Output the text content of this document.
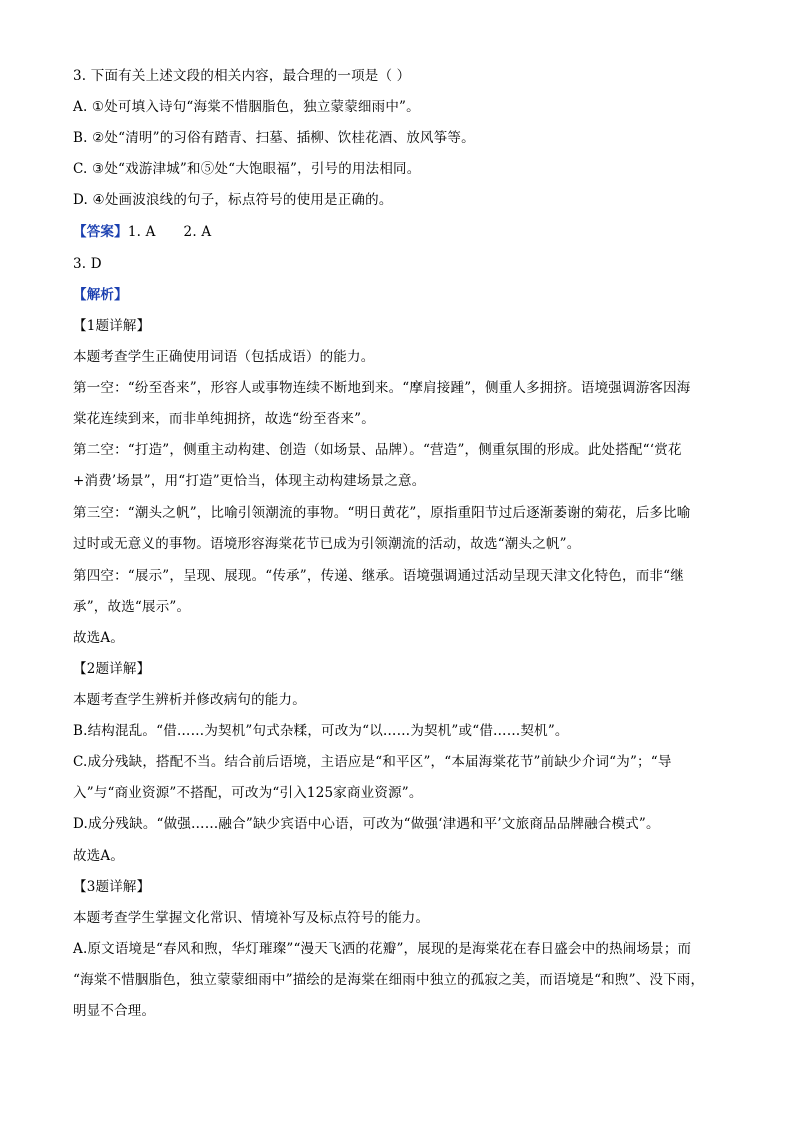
3. 下面有关上述文段的相关内容，最合理的一项是（ ）
A. ①处可填入诗句“海棠不惜胭脂色，独立蒙蒙细雨中”。
B. ②处“清明”的习俗有踏青、扫墓、插柳、饮桂花酒、放风筝等。
C. ③处“戏游津城”和⑤处“大饱眼福”，引号的用法相同。
D. ④处画波浪线的句子，标点符号的使用是正确的。
【答案】1. A 2. A
3. D
【解析】
【1题详解】
本题考查学生正确使用词语（包括成语）的能力。
第一空：“纷至沓来”，形容人或事物连续不断地到来。“摩肩接踵”，侧重人多拥挤。语境强调游客因海
棠花连续到来，而非单纯拥挤，故选“纷至沓来”。
第二空：“打造”，侧重主动构建、创造（如场景、品牌）。“营造”，侧重氛围的形成。此处搭配“‘赏花
+消费’场景”，用“打造”更恰当，体现主动构建场景之意。
第三空：“潮头之帆”，比喻引领潮流的事物。“明日黄花”，原指重阳节过后逐渐萎谢的菊花，后多比喻
过时或无意义的事物。语境形容海棠花节已成为引领潮流的活动，故选“潮头之帆”。
第四空：“展示”，呈现、展现。“传承”，传递、继承。语境强调通过活动呈现天津文化特色，而非“继
承”，故选“展示”。
故选A。
【2题详解】
本题考查学生辨析并修改病句的能力。
B.结构混乱。“借……为契机”句式杂糅，可改为“以……为契机”或“借……契机”。
C.成分残缺，搭配不当。结合前后语境，主语应是“和平区”，“本届海棠花节”前缺少介词“为”；“导
入”与“商业资源”不搭配，可改为“引入125家商业资源”。
D.成分残缺。“做强……融合”缺少宾语中心语，可改为“做强‘津遇和平’文旅商品品牌融合模式”。
故选A。
【3题详解】
本题考查学生掌握文化常识、情境补写及标点符号的能力。
A.原文语境是“春风和煦，华灯璀璨”“漫天飞洒的花瓣”，展现的是海棠花在春日盛会中的热闹场景；而
“海棠不惜胭脂色，独立蒙蒙细雨中”描绘的是海棠在细雨中独立的孤寂之美，而语境是“和煦”、没下雨，
明显不合理。
